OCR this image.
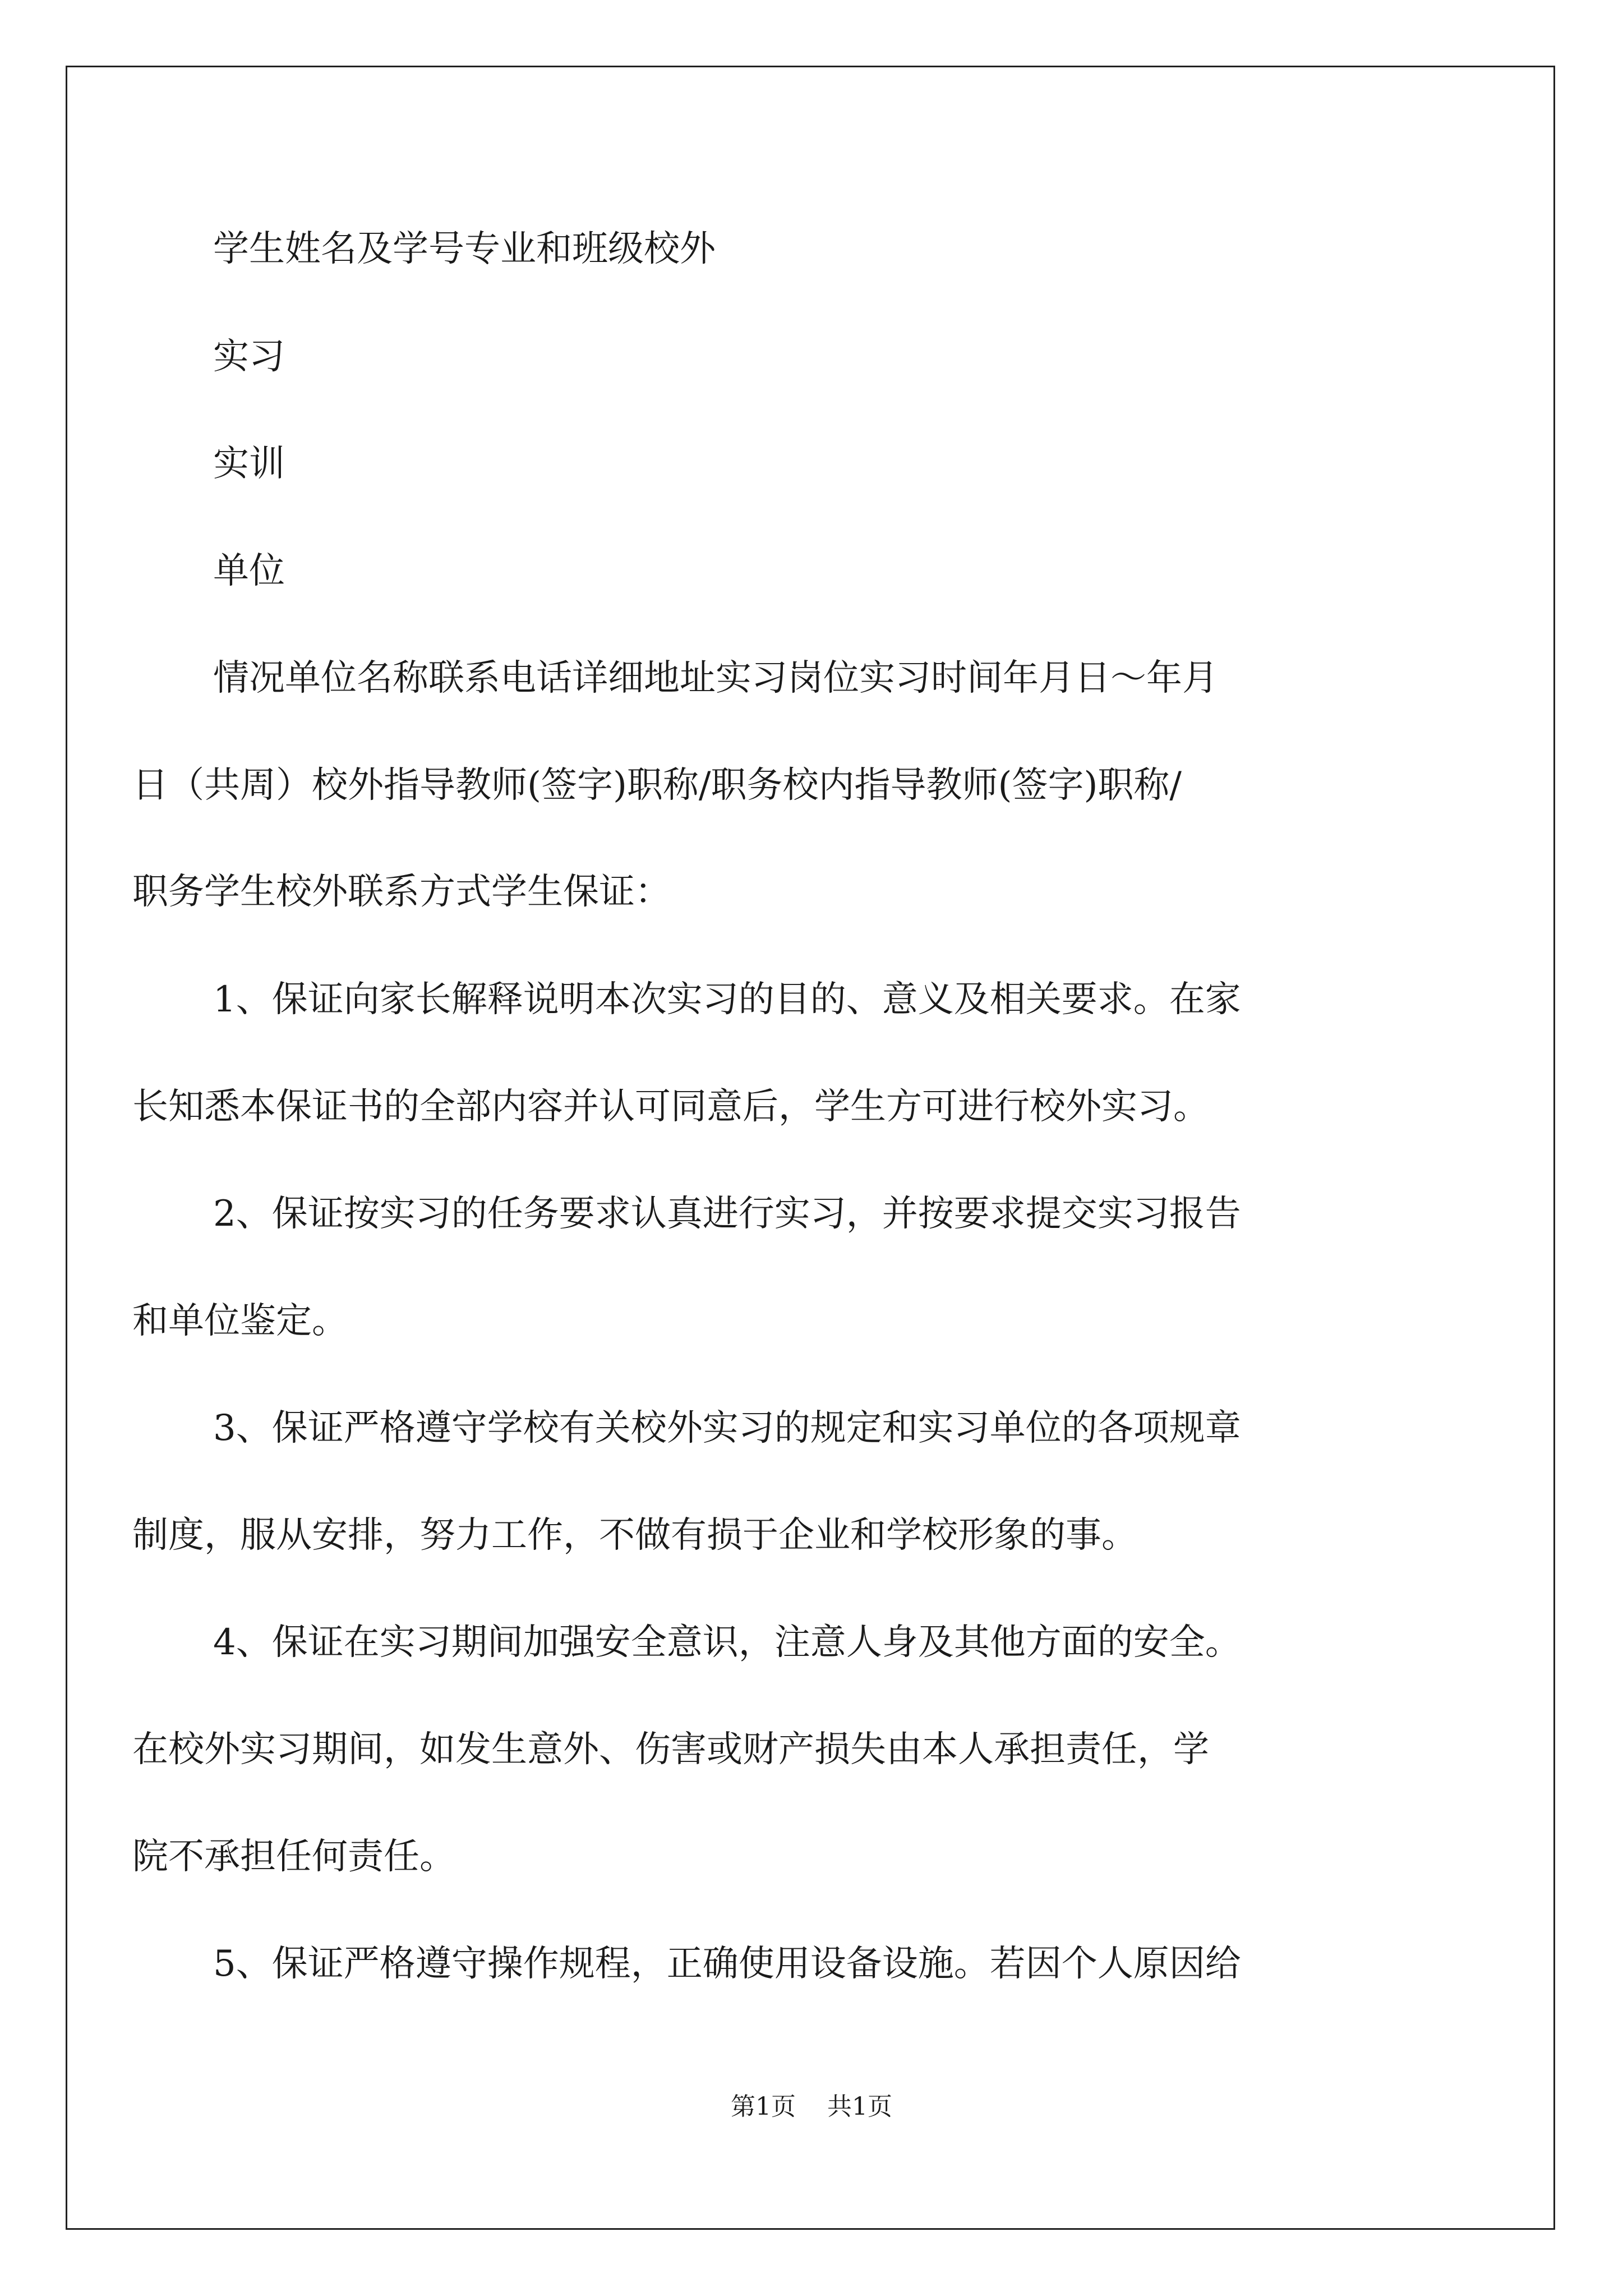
学生姓名及学号专业和班级校外
实习
实训
单位
情况单位名称联系电话详细地址实习岗位实习时间年月日～年月
日（共周）校外指导教师(签字)职称/职务校内指导教师(签字)职称/
职务学生校外联系方式学生保证：
1、保证向家长解释说明本次实习的目的、意义及相关要求。在家
长知悉本保证书的全部内容并认可同意后，学生方可进行校外实习。
2、保证按实习的任务要求认真进行实习，并按要求提交实习报告
和单位鉴定。
3、保证严格遵守学校有关校外实习的规定和实习单位的各项规章
制度，服从安排，努力工作，不做有损于企业和学校形象的事。
4、保证在实习期间加强安全意识，注意人身及其他方面的安全。
在校外实习期间，如发生意外、伤害或财产损失由本人承担责任，学
院不承担任何责任。
5、保证严格遵守操作规程，正确使用设备设施。若因个人原因给
第1页 共1页
